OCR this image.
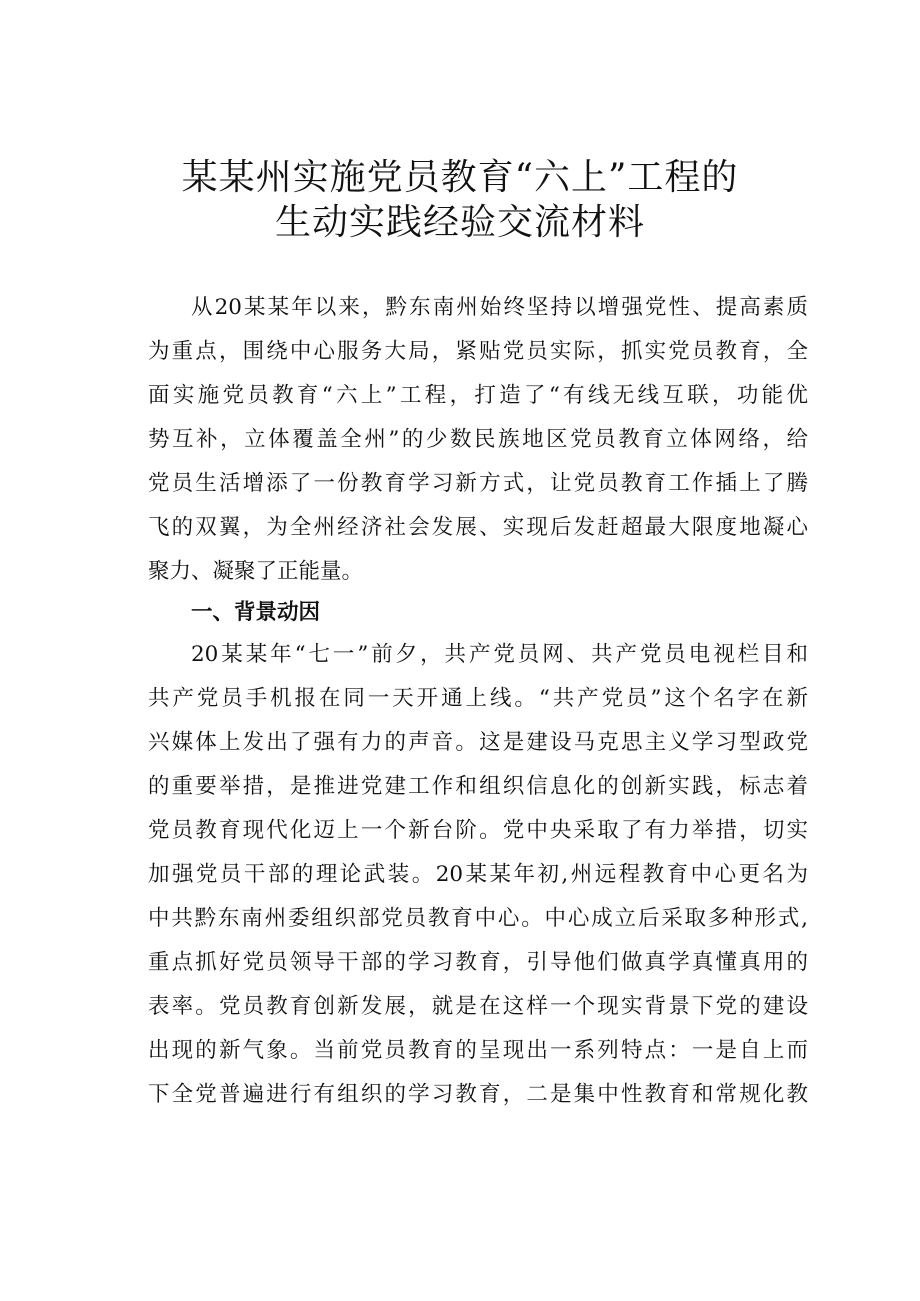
某某州实施党员教育“六上”工程的
生动实践经验交流材料
从20某某年以来，黔东南州始终坚持以增强党性、提高素质
为重点，围绕中心服务大局，紧贴党员实际，抓实党员教育，全
面实施党员教育“六上”工程，打造了“有线无线互联，功能优
势互补，立体覆盖全州”的少数民族地区党员教育立体网络，给
党员生活增添了一份教育学习新方式，让党员教育工作插上了腾
飞的双翼，为全州经济社会发展、实现后发赶超最大限度地凝心
聚力、凝聚了正能量。
一、背景动因
20某某年“七一”前夕，共产党员网、共产党员电视栏目和
共产党员手机报在同一天开通上线。“共产党员”这个名字在新
兴媒体上发出了强有力的声音。这是建设马克思主义学习型政党
的重要举措，是推进党建工作和组织信息化的创新实践，标志着
党员教育现代化迈上一个新台阶。党中央采取了有力举措，切实
加强党员干部的理论武装。20某某年初,州远程教育中心更名为
中共黔东南州委组织部党员教育中心。中心成立后采取多种形式,
重点抓好党员领导干部的学习教育，引导他们做真学真懂真用的
表率。党员教育创新发展，就是在这样一个现实背景下党的建设
出现的新气象。当前党员教育的呈现出一系列特点：一是自上而
下全党普遍进行有组织的学习教育，二是集中性教育和常规化教
